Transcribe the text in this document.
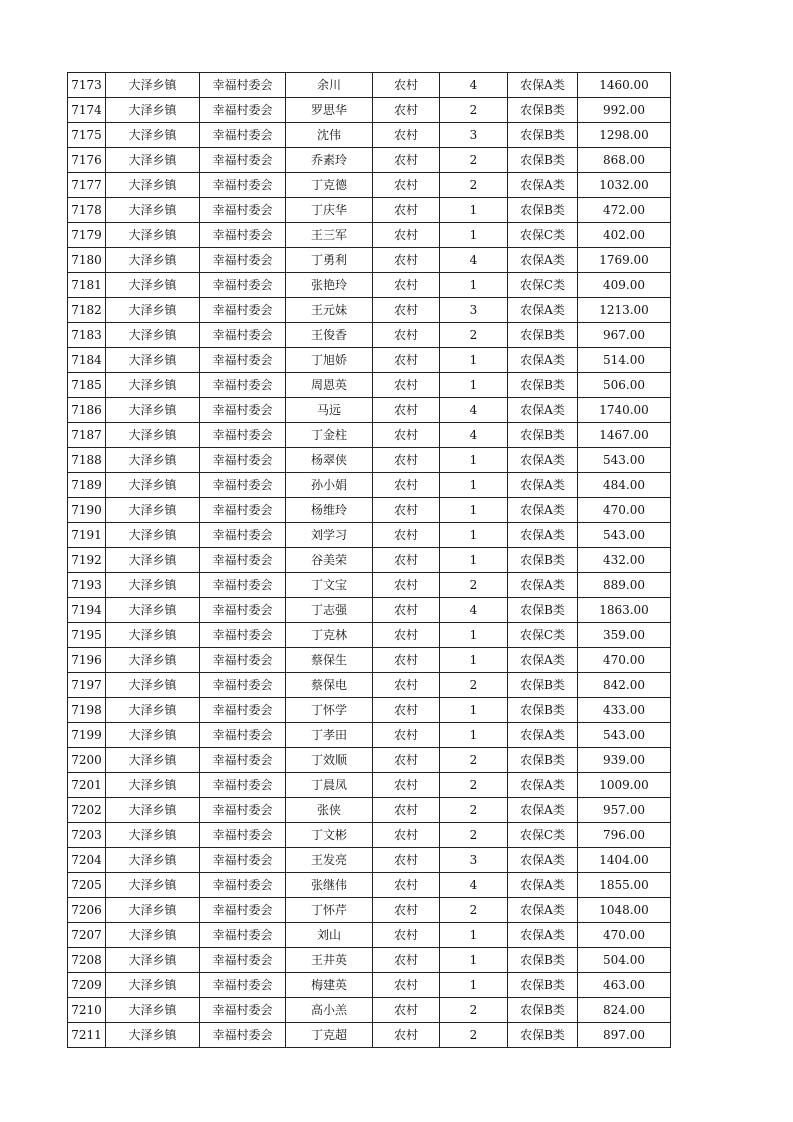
7173	大泽乡镇	幸福村委会	余川	农村	4	农保A类	1460.00
7174	大泽乡镇	幸福村委会	罗思华	农村	2	农保B类	992.00
7175	大泽乡镇	幸福村委会	沈伟	农村	3	农保B类	1298.00
7176	大泽乡镇	幸福村委会	乔素玲	农村	2	农保B类	868.00
7177	大泽乡镇	幸福村委会	丁克德	农村	2	农保A类	1032.00
7178	大泽乡镇	幸福村委会	丁庆华	农村	1	农保B类	472.00
7179	大泽乡镇	幸福村委会	王三军	农村	1	农保C类	402.00
7180	大泽乡镇	幸福村委会	丁勇利	农村	4	农保A类	1769.00
7181	大泽乡镇	幸福村委会	张艳玲	农村	1	农保C类	409.00
7182	大泽乡镇	幸福村委会	王元妹	农村	3	农保A类	1213.00
7183	大泽乡镇	幸福村委会	王俊香	农村	2	农保B类	967.00
7184	大泽乡镇	幸福村委会	丁旭娇	农村	1	农保A类	514.00
7185	大泽乡镇	幸福村委会	周恩英	农村	1	农保B类	506.00
7186	大泽乡镇	幸福村委会	马远	农村	4	农保A类	1740.00
7187	大泽乡镇	幸福村委会	丁金柱	农村	4	农保B类	1467.00
7188	大泽乡镇	幸福村委会	杨翠侠	农村	1	农保A类	543.00
7189	大泽乡镇	幸福村委会	孙小娟	农村	1	农保A类	484.00
7190	大泽乡镇	幸福村委会	杨维玲	农村	1	农保A类	470.00
7191	大泽乡镇	幸福村委会	刘学习	农村	1	农保A类	543.00
7192	大泽乡镇	幸福村委会	谷美荣	农村	1	农保B类	432.00
7193	大泽乡镇	幸福村委会	丁文宝	农村	2	农保A类	889.00
7194	大泽乡镇	幸福村委会	丁志强	农村	4	农保B类	1863.00
7195	大泽乡镇	幸福村委会	丁克林	农村	1	农保C类	359.00
7196	大泽乡镇	幸福村委会	蔡保生	农村	1	农保A类	470.00
7197	大泽乡镇	幸福村委会	蔡保电	农村	2	农保B类	842.00
7198	大泽乡镇	幸福村委会	丁怀学	农村	1	农保B类	433.00
7199	大泽乡镇	幸福村委会	丁孝田	农村	1	农保A类	543.00
7200	大泽乡镇	幸福村委会	丁效顺	农村	2	农保B类	939.00
7201	大泽乡镇	幸福村委会	丁晨凤	农村	2	农保A类	1009.00
7202	大泽乡镇	幸福村委会	张侠	农村	2	农保A类	957.00
7203	大泽乡镇	幸福村委会	丁文彬	农村	2	农保C类	796.00
7204	大泽乡镇	幸福村委会	王发亮	农村	3	农保A类	1404.00
7205	大泽乡镇	幸福村委会	张继伟	农村	4	农保A类	1855.00
7206	大泽乡镇	幸福村委会	丁怀芹	农村	2	农保A类	1048.00
7207	大泽乡镇	幸福村委会	刘山	农村	1	农保A类	470.00
7208	大泽乡镇	幸福村委会	王井英	农村	1	农保B类	504.00
7209	大泽乡镇	幸福村委会	梅建英	农村	1	农保B类	463.00
7210	大泽乡镇	幸福村委会	高小羔	农村	2	农保B类	824.00
7211	大泽乡镇	幸福村委会	丁克超	农村	2	农保B类	897.00
